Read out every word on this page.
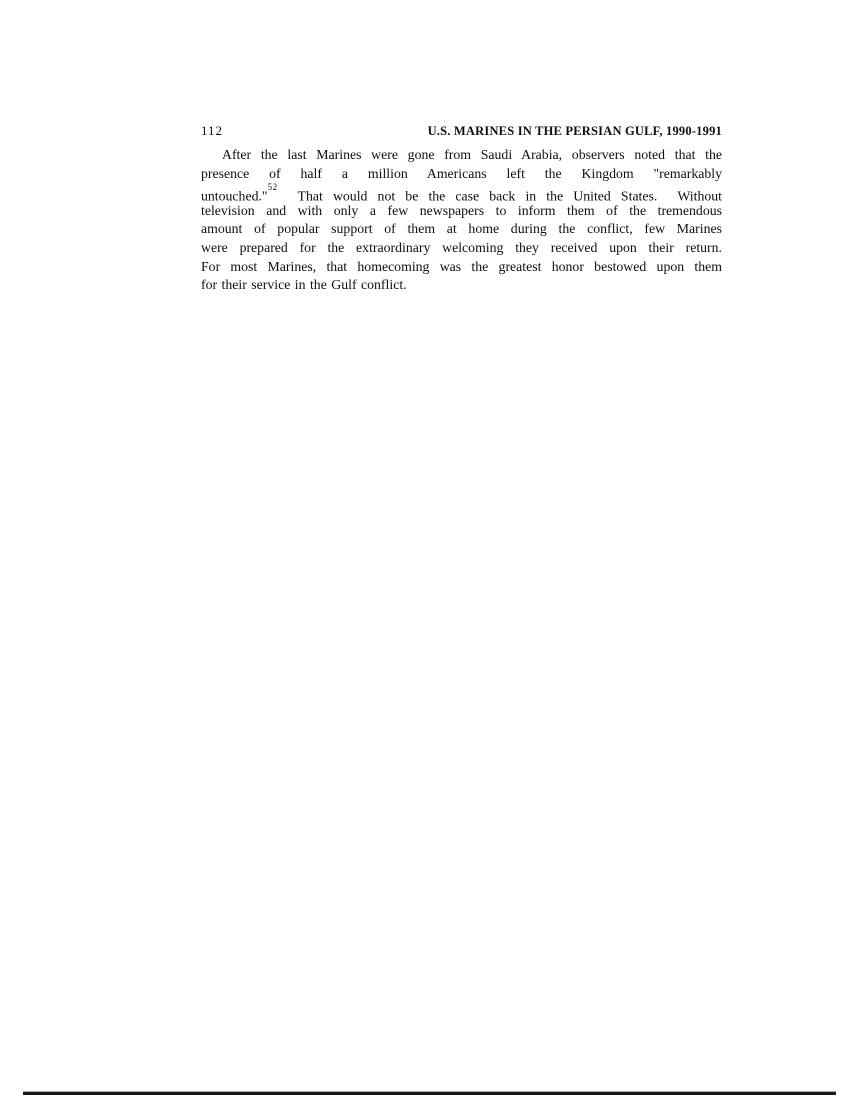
112	U.S. MARINES IN THE PERSIAN GULF, 1990-1991
After the last Marines were gone from Saudi Arabia, observers noted that the
presence of half a million Americans left the Kingdom "remarkably
untouched."$^{52}$  That would not be the case back in the United States.  Without
television and with only a few newspapers to inform them of the tremendous
amount of popular support of them at home during the conflict, few Marines
were prepared for the extraordinary welcoming they received upon their return.
For most Marines, that homecoming was the greatest honor bestowed upon them
for their service in the Gulf conflict.
